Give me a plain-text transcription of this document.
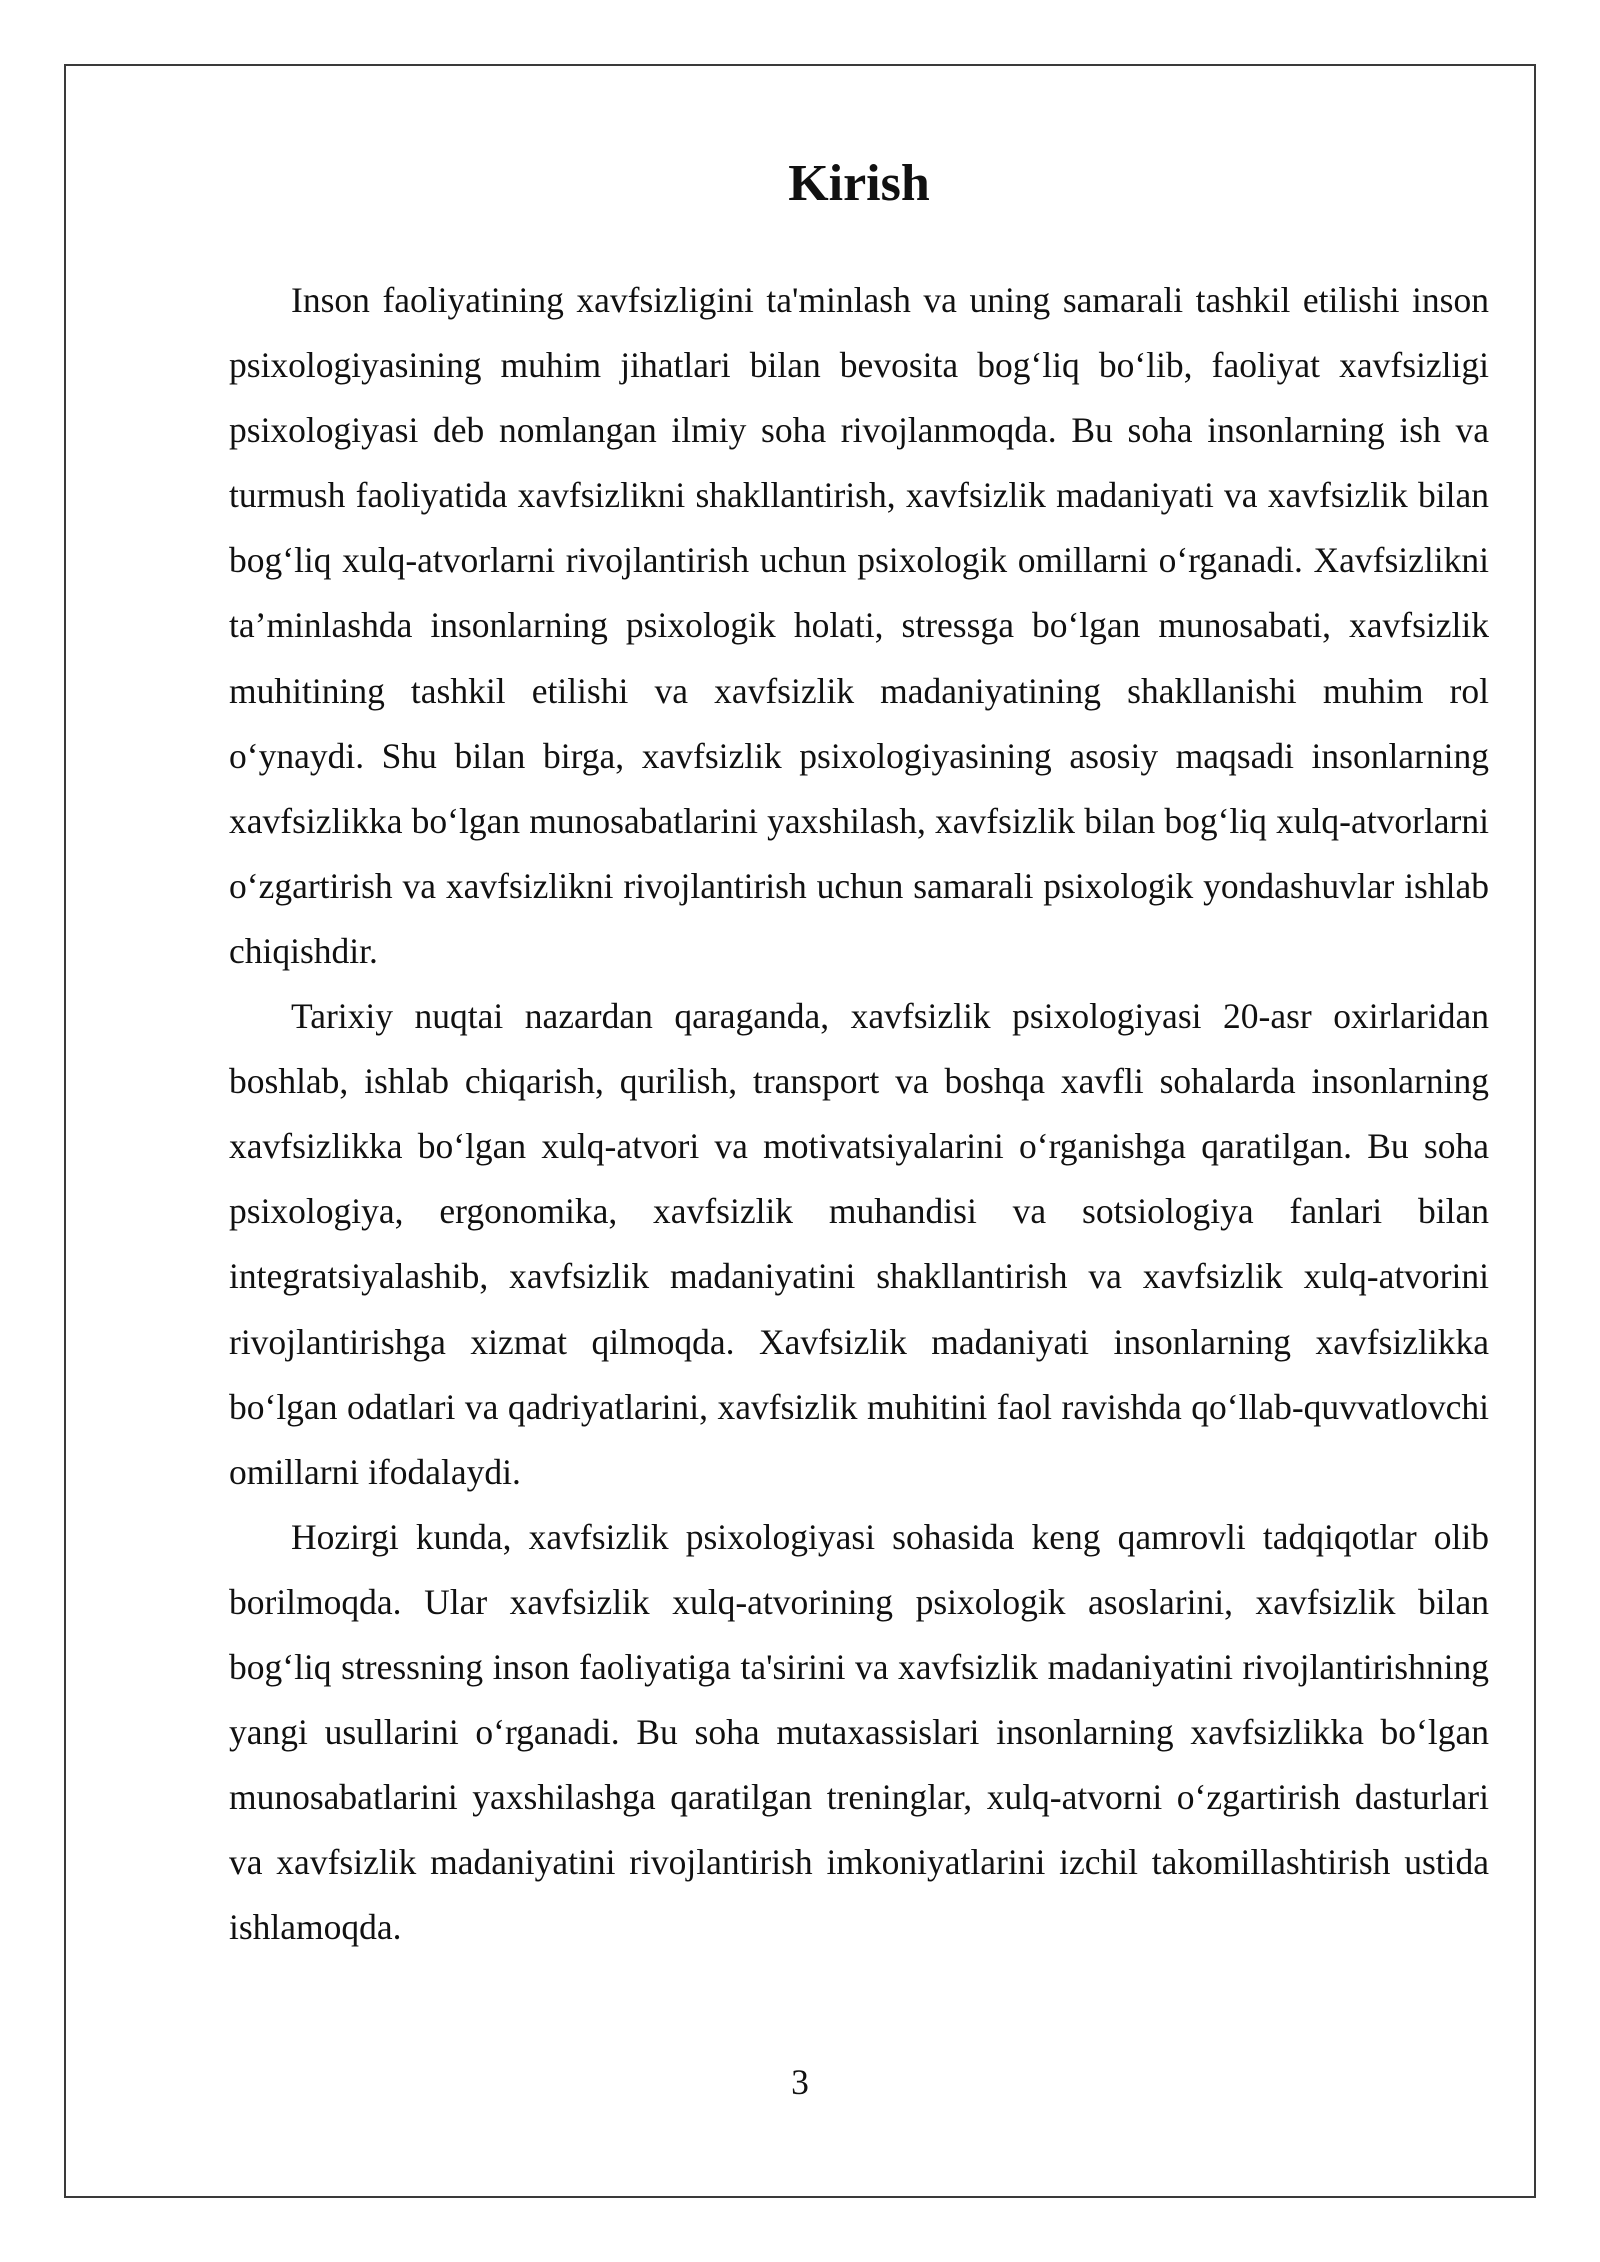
Kirish

Inson faoliyatining xavfsizligini ta'minlash va uning samarali tashkil etilishi inson psixologiyasining muhim jihatlari bilan bevosita bog‘liq bo‘lib, faoliyat xavfsizligi psixologiyasi deb nomlangan ilmiy soha rivojlanmoqda. Bu soha insonlarning ish va turmush faoliyatida xavfsizlikni shakllantirish, xavfsizlik madaniyati va xavfsizlik bilan bog‘liq xulq-atvorlarni rivojlantirish uchun psixologik omillarni o‘rganadi. Xavfsizlikni ta’minlashda insonlarning psixologik holati, stressga bo‘lgan munosabati, xavfsizlik muhitining tashkil etilishi va xavfsizlik madaniyatining shakllanishi muhim rol o‘ynaydi. Shu bilan birga, xavfsizlik psixologiyasining asosiy maqsadi insonlarning xavfsizlikka bo‘lgan munosabatlarini yaxshilash, xavfsizlik bilan bog‘liq xulq-atvorlarni o‘zgartirish va xavfsizlikni rivojlantirish uchun samarali psixologik yondashuvlar ishlab chiqishdir.

Tarixiy nuqtai nazardan qaraganda, xavfsizlik psixologiyasi 20-asr oxirlaridan boshlab, ishlab chiqarish, qurilish, transport va boshqa xavfli sohalarda insonlarning xavfsizlikka bo‘lgan xulq-atvori va motivatsiyalarini o‘rganishga qaratilgan. Bu soha psixologiya, ergonomika, xavfsizlik muhandisi va sotsiologiya fanlari bilan integratsiyalashib, xavfsizlik madaniyatini shakllantirish va xavfsizlik xulq-atvorini rivojlantirishga xizmat qilmoqda. Xavfsizlik madaniyati insonlarning xavfsizlikka bo‘lgan odatlari va qadriyatlarini, xavfsizlik muhitini faol ravishda qo‘llab-quvvatlovchi omillarni ifodalaydi.

Hozirgi kunda, xavfsizlik psixologiyasi sohasida keng qamrovli tadqiqotlar olib borilmoqda. Ular xavfsizlik xulq-atvorining psixologik asoslarini, xavfsizlik bilan bog‘liq stressning inson faoliyatiga ta'sirini va xavfsizlik madaniyatini rivojlantirishning yangi usullarini o‘rganadi. Bu soha mutaxassislari insonlarning xavfsizlikka bo‘lgan munosabatlarini yaxshilashga qaratilgan treninglar, xulq-atvorni o‘zgartirish dasturlari va xavfsizlik madaniyatini rivojlantirish imkoniyatlarini izchil takomillashtirish ustida ishlamoqda.

3
